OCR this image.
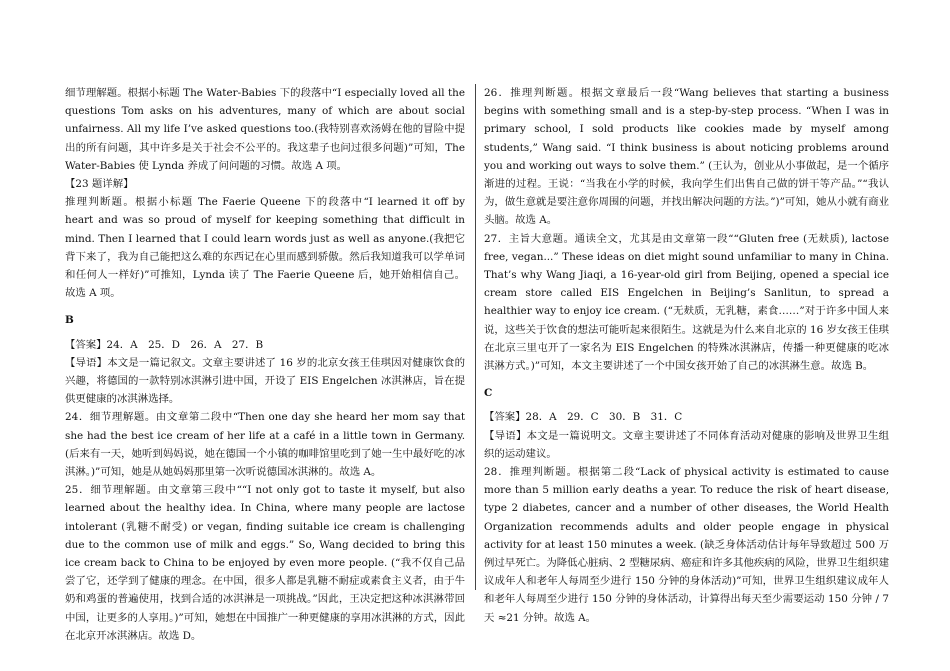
细节理解题。根据小标题 The Water-Babies 下的段落中“I especially loved all the questions Tom asks on his adventures, many of which are about social unfairness. All my life I’ve asked questions too.(我特别喜欢汤姆在他的冒险中提出的所有问题，其中许多是关于社会不公平的。我这辈子也问过很多问题)”可知，The Water-Babies 使 Lynda 养成了问问题的习惯。故选 A 项。

【23 题详解】

推理判断题。根据小标题 The Faerie Queene 下的段落中“I learned it off by heart and was so proud of myself for keeping something that difficult in mind. Then I learned that I could learn words just as well as anyone.(我把它背下来了，我为自己能把这么难的东西记在心里而感到骄傲。然后我知道我可以学单词和任何人一样好)”可推知，Lynda 读了 The Faerie Queene 后，她开始相信自己。故选 A 项。

B

【答案】24．A　25．D　26．A　27．B

【导语】本文是一篇记叙文。文章主要讲述了 16 岁的北京女孩王佳琪因对健康饮食的兴趣，将德国的一款特别冰淇淋引进中国，开设了 EIS Engelchen 冰淇淋店，旨在提供更健康的冰淇淋选择。

24．细节理解题。由文章第二段中“Then one day she heard her mom say that she had the best ice cream of her life at a café in a little town in Germany. (后来有一天，她听到妈妈说，她在德国一个小镇的咖啡馆里吃到了她一生中最好吃的冰淇淋。)”可知，她是从她妈妈那里第一次听说德国冰淇淋的。故选 A。

25．细节理解题。由文章第三段中““I not only got to taste it myself, but also learned about the healthy idea. In China, where many people are lactose intolerant (乳糖不耐受) or vegan, finding suitable ice cream is challenging due to the common use of milk and eggs.” So, Wang decided to bring this ice cream back to China to be enjoyed by even more people. (“我不仅自己品尝了它，还学到了健康的理念。在中国，很多人都是乳糖不耐症或素食主义者，由于牛奶和鸡蛋的普遍使用，找到合适的冰淇淋是一项挑战。”因此，王决定把这种冰淇淋带回中国，让更多的人享用。)”可知，她想在中国推广一种更健康的享用冰淇淋的方式，因此在北京开冰淇淋店。故选 D。

26．推理判断题。根据文章最后一段“Wang believes that starting a business begins with something small and is a step-by-step process. “When I was in primary school, I sold products like cookies made by myself among students,” Wang said. “I think business is about noticing problems around you and working out ways to solve them.” (王认为，创业从小事做起，是一个循序渐进的过程。王说：“当我在小学的时候，我向学生们出售自己做的饼干等产品。”“我认为，做生意就是要注意你周围的问题，并找出解决问题的方法。”)”可知，她从小就有商业头脑。故选 A。

27．主旨大意题。通读全文，尤其是由文章第一段““Gluten free (无麸质), lactose free, vegan...” These ideas on diet might sound unfamiliar to many in China. That’s why Wang Jiaqi, a 16-year-old girl from Beijing, opened a special ice cream store called EIS Engelchen in Beijing’s Sanlitun, to spread a healthier way to enjoy ice cream. (“无麸质，无乳糖，素食……”对于许多中国人来说，这些关于饮食的想法可能听起来很陌生。这就是为什么来自北京的 16 岁女孩王佳琪在北京三里屯开了一家名为 EIS Engelchen 的特殊冰淇淋店，传播一种更健康的吃冰淇淋方式。)”可知，本文主要讲述了一个中国女孩开始了自己的冰淇淋生意。故选 B。

C

【答案】28．A　29．C　30．B　31．C

【导语】本文是一篇说明文。文章主要讲述了不同体育活动对健康的影响及世界卫生组织的运动建议。

28．推理判断题。根据第二段“Lack of physical activity is estimated to cause more than 5 million early deaths a year. To reduce the risk of heart disease, type 2 diabetes, cancer and a number of other diseases, the World Health Organization recommends adults and older people engage in physical activity for at least 150 minutes a week. (缺乏身体活动估计每年导致超过 500 万例过早死亡。为降低心脏病、2 型糖尿病、癌症和许多其他疾病的风险，世界卫生组织建议成年人和老年人每周至少进行 150 分钟的身体活动)”可知，世界卫生组织建议成年人和老年人每周至少进行 150 分钟的身体活动，计算得出每天至少需要运动 150 分钟 / 7 天 ≈21 分钟。故选 A。
